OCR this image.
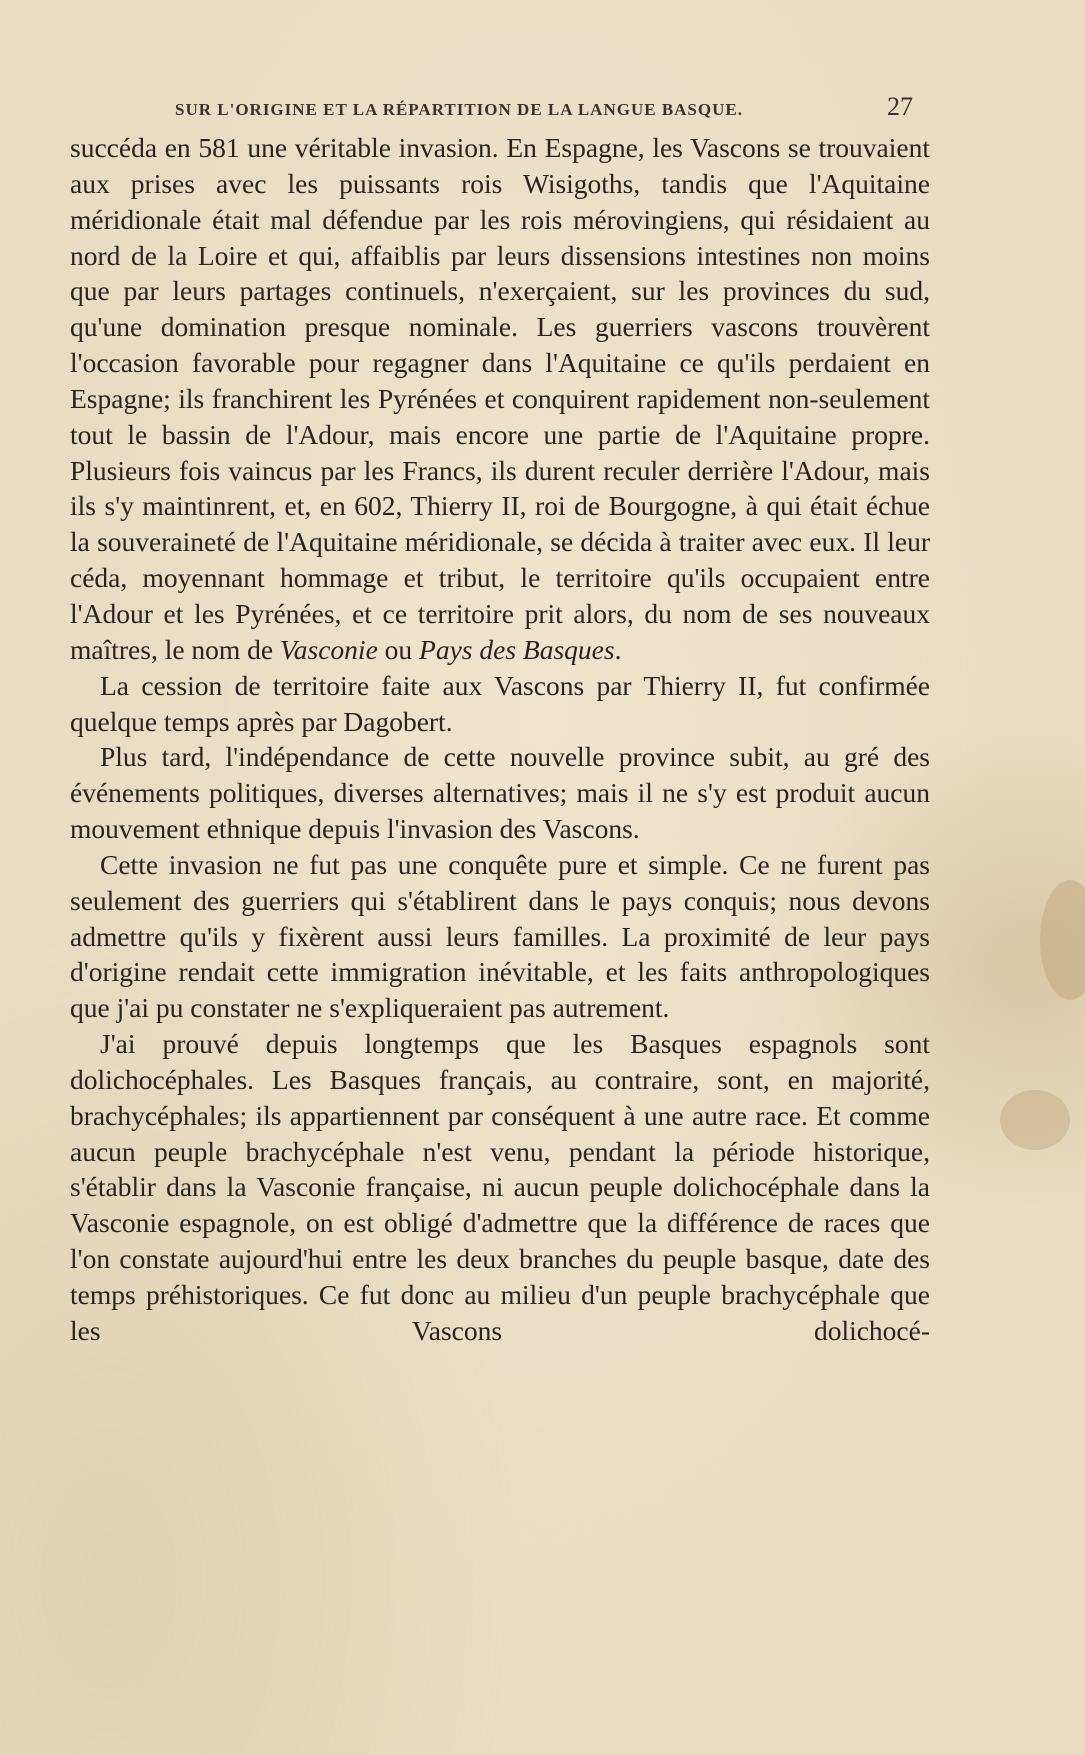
SUR L'ORIGINE ET LA RÉPARTITION DE LA LANGUE BASQUE.	27

succéda en 581 une véritable invasion. En Espagne, les Vascons se trouvaient aux prises avec les puissants rois Wisigoths, tandis que l'Aquitaine méridionale était mal défendue par les rois mérovingiens, qui résidaient au nord de la Loire et qui, affaiblis par leurs dissensions intestines non moins que par leurs partages continuels, n'exerçaient, sur les provinces du sud, qu'une domination presque nominale. Les guerriers vascons trouvèrent l'occasion favorable pour regagner dans l'Aquitaine ce qu'ils perdaient en Espagne; ils franchirent les Pyrénées et conquirent rapidement non-seulement tout le bassin de l'Adour, mais encore une partie de l'Aquitaine propre. Plusieurs fois vaincus par les Francs, ils durent reculer derrière l'Adour, mais ils s'y maintinrent, et, en 602, Thierry II, roi de Bourgogne, à qui était échue la souveraineté de l'Aquitaine méridionale, se décida à traiter avec eux. Il leur céda, moyennant hommage et tribut, le territoire qu'ils occupaient entre l'Adour et les Pyrénées, et ce territoire prit alors, du nom de ses nouveaux maîtres, le nom de Vasconie ou Pays des Basques.

La cession de territoire faite aux Vascons par Thierry II, fut confirmée quelque temps après par Dagobert.

Plus tard, l'indépendance de cette nouvelle province subit, au gré des événements politiques, diverses alternatives; mais il ne s'y est produit aucun mouvement ethnique depuis l'invasion des Vascons.

Cette invasion ne fut pas une conquête pure et simple. Ce ne furent pas seulement des guerriers qui s'établirent dans le pays conquis; nous devons admettre qu'ils y fixèrent aussi leurs familles. La proximité de leur pays d'origine rendait cette immigration inévitable, et les faits anthropologiques que j'ai pu constater ne s'expliqueraient pas autrement.

J'ai prouvé depuis longtemps que les Basques espagnols sont dolichocéphales. Les Basques français, au contraire, sont, en majorité, brachycéphales; ils appartiennent par conséquent à une autre race. Et comme aucun peuple brachycéphale n'est venu, pendant la période historique, s'établir dans la Vasconie française, ni aucun peuple dolichocéphale dans la Vasconie espagnole, on est obligé d'admettre que la différence de races que l'on constate aujourd'hui entre les deux branches du peuple basque, date des temps préhistoriques. Ce fut donc au milieu d'un peuple brachycéphale que les Vascons dolichocé-
